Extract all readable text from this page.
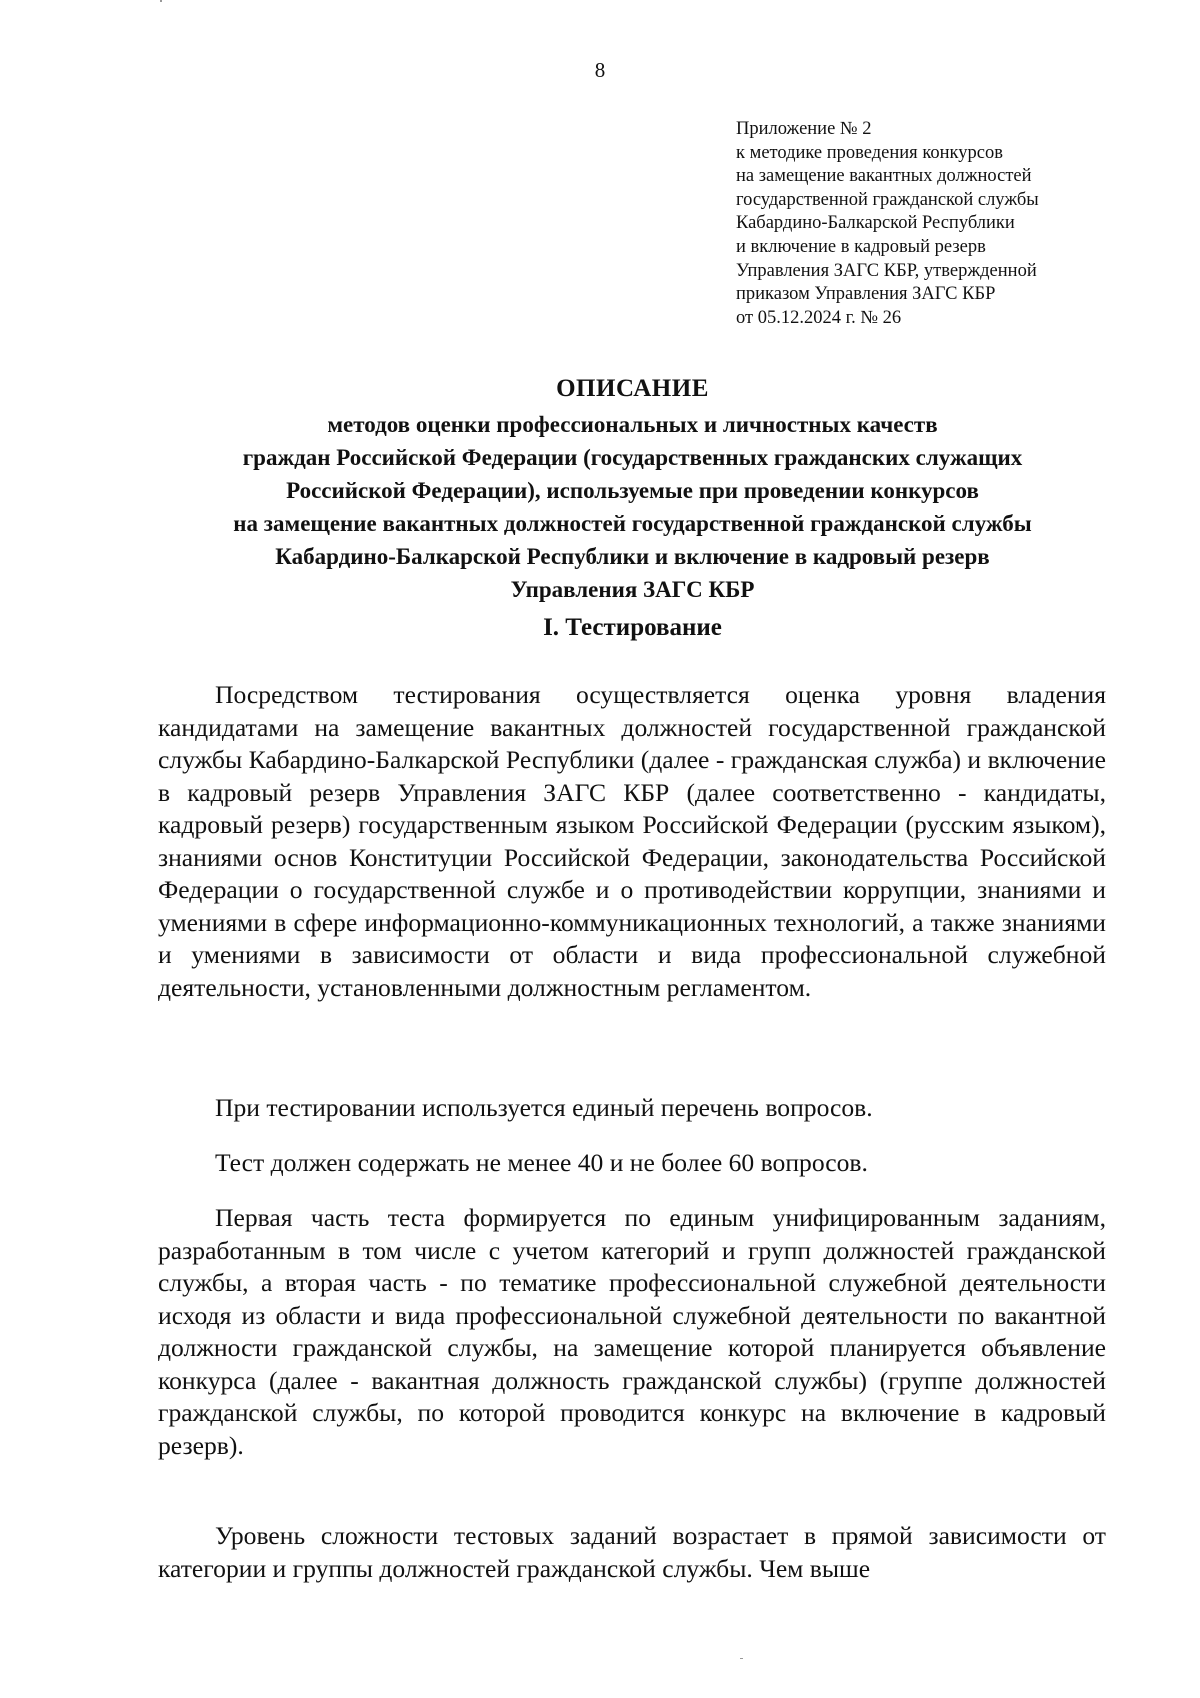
8
Приложение № 2
к методике проведения конкурсов
на замещение вакантных должностей
государственной гражданской службы
Кабардино-Балкарской Республики
и включение в кадровый резерв
Управления ЗАГС КБР, утвержденной
приказом Управления ЗАГС КБР
от 05.12.2024 г. № 26
ОПИСАНИЕ
методов оценки профессиональных и личностных качеств
граждан Российской Федерации (государственных гражданских служащих
Российской Федерации), используемые при проведении конкурсов
на замещение вакантных должностей государственной гражданской службы
Кабардино-Балкарской Республики и включение в кадровый резерв
Управления ЗАГС КБР
I. Тестирование

Посредством тестирования осуществляется оценка уровня владения кандидатами на замещение вакантных должностей государственной гражданской службы Кабардино-Балкарской Республики (далее - гражданская служба) и включение в кадровый резерв Управления ЗАГС КБР (далее соответственно - кандидаты, кадровый резерв) государственным языком Российской Федерации (русским языком), знаниями основ Конституции Российской Федерации, законодательства Российской Федерации о государственной службе и о противодействии коррупции, знаниями и умениями в сфере информационно-коммуникационных технологий, а также знаниями и умениями в зависимости от области и вида профессиональной служебной деятельности, установленными должностным регламентом.

При тестировании используется единый перечень вопросов.

Тест должен содержать не менее 40 и не более 60 вопросов.

Первая часть теста формируется по единым унифицированным заданиям, разработанным в том числе с учетом категорий и групп должностей гражданской службы, а вторая часть - по тематике профессиональной служебной деятельности исходя из области и вида профессиональной служебной деятельности по вакантной должности гражданской службы, на замещение которой планируется объявление конкурса (далее - вакантная должность гражданской службы) (группе должностей гражданской службы, по которой проводится конкурс на включение в кадровый резерв).

Уровень сложности тестовых заданий возрастает в прямой зависимости от категории и группы должностей гражданской службы. Чем выше
